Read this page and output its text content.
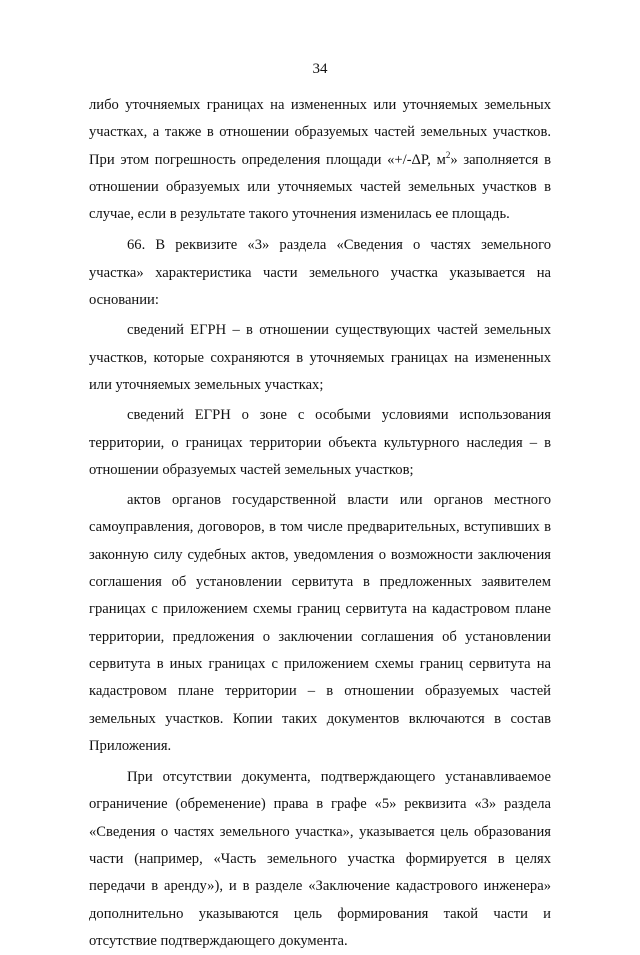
34

либо уточняемых границах на измененных или уточняемых земельных участках, а также в отношении образуемых частей земельных участков. При этом погрешность определения площади «+/-ΔР, $м^2$» заполняется в отношении образуемых или уточняемых частей земельных участков в случае, если в результате такого уточнения изменилась ее площадь.

66. В реквизите «3» раздела «Сведения о частях земельного участка» характеристика части земельного участка указывается на основании:

сведений ЕГРН – в отношении существующих частей земельных участков, которые сохраняются в уточняемых границах на измененных или уточняемых земельных участках;

сведений ЕГРН о зоне с особыми условиями использования территории, о границах территории объекта культурного наследия – в отношении образуемых частей земельных участков;

актов органов государственной власти или органов местного самоуправления, договоров, в том числе предварительных, вступивших в законную силу судебных актов, уведомления о возможности заключения соглашения об установлении сервитута в предложенных заявителем границах с приложением схемы границ сервитута на кадастровом плане территории, предложения о заключении соглашения об установлении сервитута в иных границах с приложением схемы границ сервитута на кадастровом плане территории – в отношении образуемых частей земельных участков. Копии таких документов включаются в состав Приложения.

При отсутствии документа, подтверждающего устанавливаемое ограничение (обременение) права в графе «5» реквизита «3» раздела «Сведения о частях земельного участка», указывается цель образования части (например, «Часть земельного участка формируется в целях передачи в аренду»), и в разделе «Заключение кадастрового инженера» дополнительно указываются цель формирования такой части и отсутствие подтверждающего документа.
